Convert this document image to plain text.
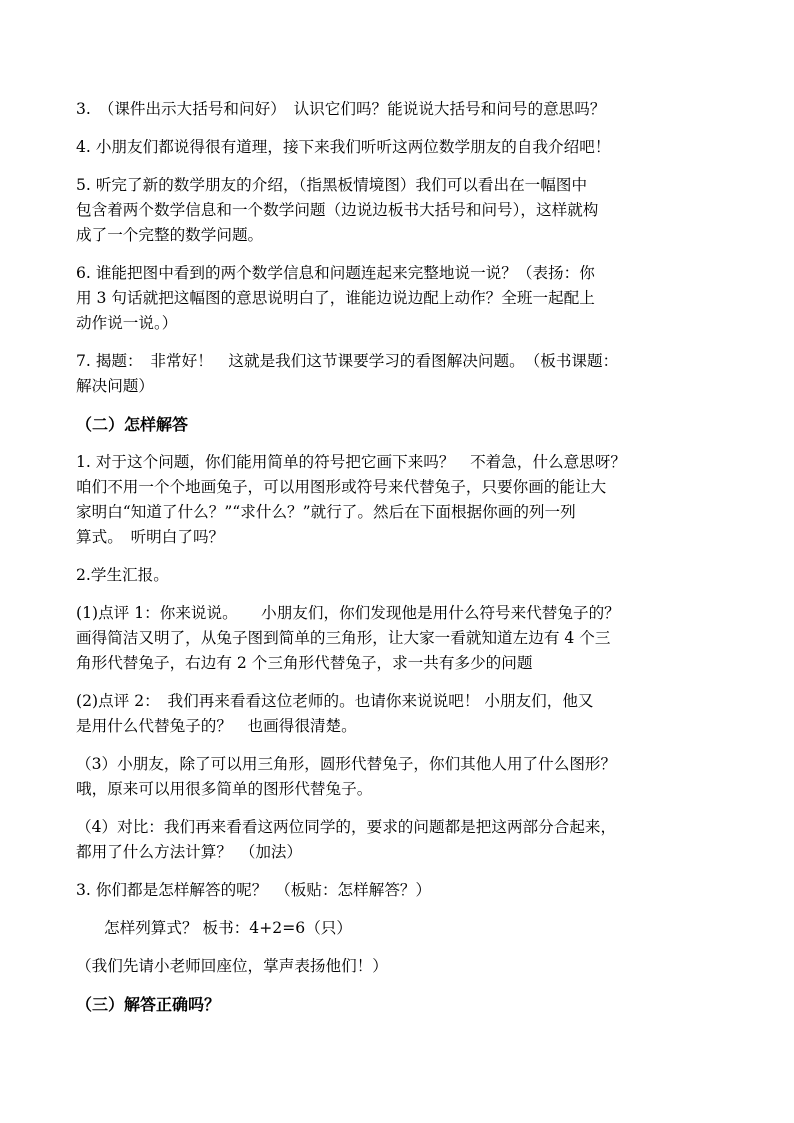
3.　（课件出示大括号和问好）　认识它们吗？能说说大括号和问号的意思吗？

4. 小朋友们都说得很有道理，接下来我们听听这两位数学朋友的自我介绍吧！

5. 听完了新的数学朋友的介绍，（指黑板情境图）我们可以看出在一幅图中
包含着两个数学信息和一个数学问题（边说边板书大括号和问号），这样就构
成了一个完整的数学问题。

6. 谁能把图中看到的两个数学信息和问题连起来完整地说一说？（表扬：你
用 3 句话就把这幅图的意思说明白了，谁能边说边配上动作？全班一起配上
动作说一说。）

7. 揭题：　非常好！　这就是我们这节课要学习的看图解决问题。　（板书课题：
解决问题）

（二）怎样解答

1. 对于这个问题，你们能用简单的符号把它画下来吗？　不着急，什么意思呀？
咱们不用一个个地画兔子，可以用图形或符号来代替兔子，只要你画的能让大
家明白“知道了什么？”“求什么？”就行了。然后在下面根据你画的列一列
算式。　听明白了吗？

2.学生汇报。

(1)点评 1：你来说说。　　小朋友们，你们发现他是用什么符号来代替兔子的？
画得简洁又明了，从兔子图到简单的三角形，让大家一看就知道左边有 4 个三
角形代替兔子，右边有 2 个三角形代替兔子，求一共有多少的问题

(2)点评 2：　我们再来看看这位老师的。也请你来说说吧！ 小朋友们，他又
是用什么代替兔子的？　也画得很清楚。

（3）小朋友，除了可以用三角形，圆形代替兔子，你们其他人用了什么图形？
哦，原来可以用很多简单的图形代替兔子。

（4）对比：我们再来看看这两位同学的，要求的问题都是把这两部分合起来，
都用了什么方法计算？　（加法）

3. 你们都是怎样解答的呢？　（板贴：怎样解答？）

怎样列算式？ 板书：4+2=6（只）

（我们先请小老师回座位，掌声表扬他们！）

（三）解答正确吗？
